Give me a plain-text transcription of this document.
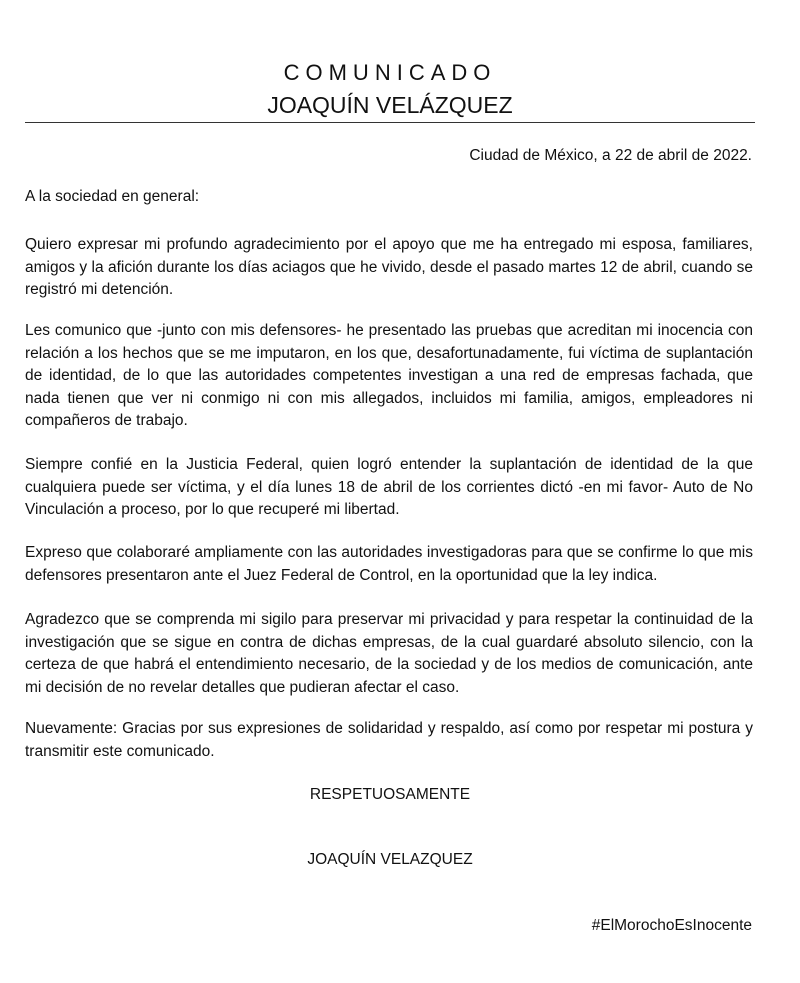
COMUNICADO
JOAQUÍN VELÁZQUEZ
Ciudad de México, a 22 de abril de 2022.
A la sociedad en general:

Quiero expresar mi profundo agradecimiento por el apoyo que me ha entregado mi esposa, familiares, amigos y la afición durante los días aciagos que he vivido, desde el pasado martes 12 de abril, cuando se registró mi detención.

Les comunico que -junto con mis defensores- he presentado las pruebas que acreditan mi inocencia con relación a los hechos que se me imputaron, en los que, desafortunadamente, fui víctima de suplantación de identidad, de lo que las autoridades competentes investigan a una red de empresas fachada, que nada tienen que ver ni conmigo ni con mis allegados, incluidos mi familia, amigos, empleadores ni compañeros de trabajo.

Siempre confié en la Justicia Federal, quien logró entender la suplantación de identidad de la que cualquiera puede ser víctima, y el día lunes 18 de abril de los corrientes dictó -en mi favor- Auto de No Vinculación a proceso, por lo que recuperé mi libertad.

Expreso que colaboraré ampliamente con las autoridades investigadoras para que se confirme lo que mis defensores presentaron ante el Juez Federal de Control, en la oportunidad que la ley indica.

Agradezco que se comprenda mi sigilo para preservar mi privacidad y para respetar la continuidad de la investigación que se sigue en contra de dichas empresas, de la cual guardaré absoluto silencio, con la certeza de que habrá el entendimiento necesario, de la sociedad y de los medios de comunicación, ante mi decisión de no revelar detalles que pudieran afectar el caso.

Nuevamente: Gracias por sus expresiones de solidaridad y respaldo, así como por respetar mi postura y transmitir este comunicado.

RESPETUOSAMENTE
JOAQUÍN VELAZQUEZ
#ElMorochoEsInocente
